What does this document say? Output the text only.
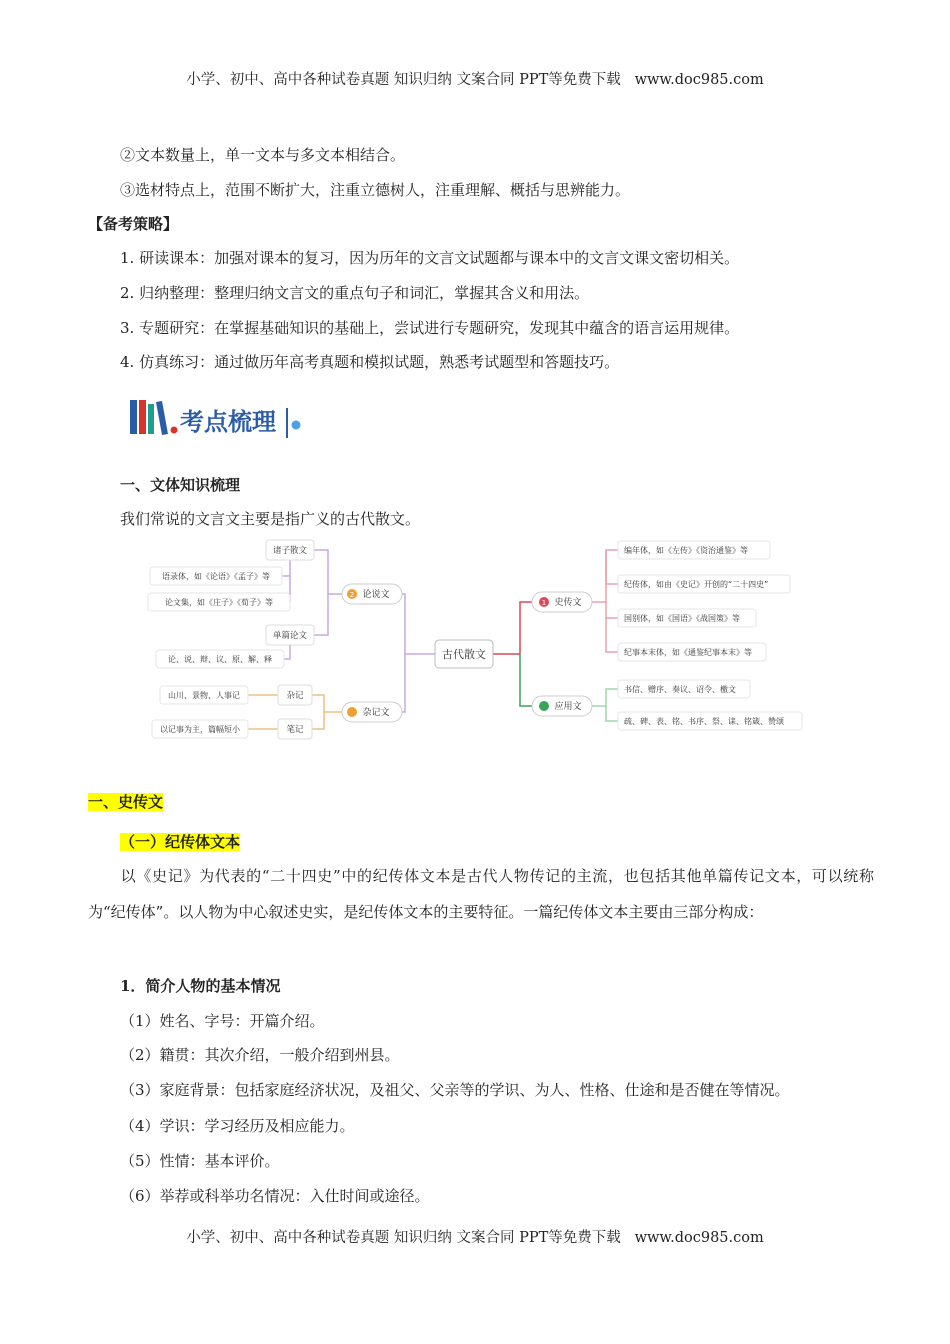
小学、初中、高中各种试卷真题 知识归纳 文案合同 PPT等免费下载   www.doc985.com
②文本数量上，单一文本与多文本相结合。
③选材特点上，范围不断扩大，注重立德树人，注重理解、概括与思辨能力。
【备考策略】
1. 研读课本：加强对课本的复习，因为历年的文言文试题都与课本中的文言文课文密切相关。
2. 归纳整理：整理归纳文言文的重点句子和词汇，掌握其含义和用法。
3. 专题研究：在掌握基础知识的基础上，尝试进行专题研究，发现其中蕴含的语言运用规律。
4. 仿真练习：通过做历年高考真题和模拟试题，熟悉考试题型和答题技巧。
考点梳理
一、文体知识梳理
我们常说的文言文主要是指广义的古代散文。
古代散文
2 论说文
杂记文
诸子散文
单篇论文
杂记
笔记
语录体，如《论语》《孟子》等
论文集，如《庄子》《荀子》等
论、说、辩、议、原、解、释
山川、景物、人事记
以记事为主，篇幅短小
1 史传文
应用文
编年体，如《左传》《资治通鉴》等
纪传体，如由《史记》开创的“二十四史”
国别体，如《国语》《战国策》等
纪事本末体，如《通鉴纪事本末》等
书信、赠序、奏议、诏令、檄文
疏、碑、表、铭、书序、祭、诔、铭箴、赞颂
一、史传文
（一）纪传体文本
以《史记》为代表的“二十四史”中的纪传体文本是古代人物传记的主流，也包括其他单篇传记文本，可以统称为“纪传体”。以人物为中心叙述史实，是纪传体文本的主要特征。一篇纪传体文本主要由三部分构成：
1．简介人物的基本情况
（1）姓名、字号：开篇介绍。
（2）籍贯：其次介绍，一般介绍到州县。
（3）家庭背景：包括家庭经济状况，及祖父、父亲等的学识、为人、性格、仕途和是否健在等情况。
（4）学识：学习经历及相应能力。
（5）性情：基本评价。
（6）举荐或科举功名情况：入仕时间或途径。
小学、初中、高中各种试卷真题 知识归纳 文案合同 PPT等免费下载   www.doc985.com
